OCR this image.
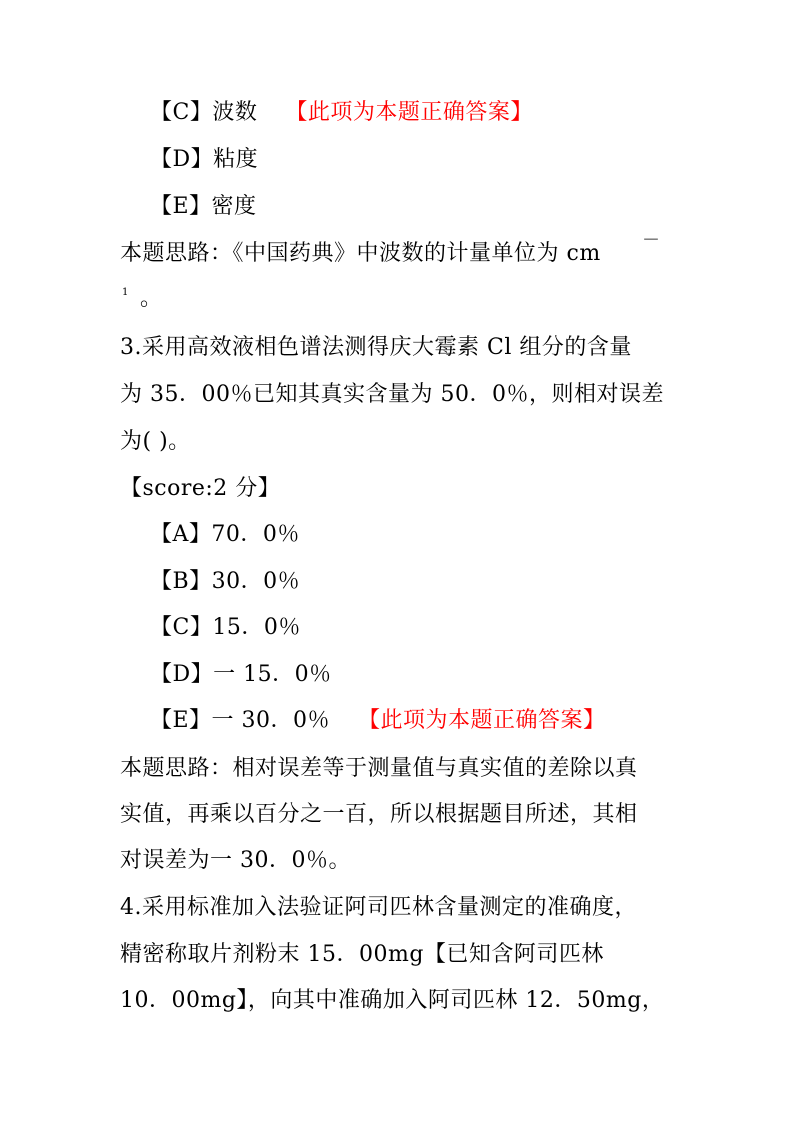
【C】波数 【此项为本题正确答案】
【D】粘度
【E】密度
本题思路：《中国药典》中波数的计量单位为 cm
－
1 。
3.采用高效液相色谱法测得庆大霉素 Cl 组分的含量
为 35．00％已知其真实含量为 50．0％，则相对误差
为( )。
【score:2 分】
【A】70．0％
【B】30．0％
【C】15．0％
【D】一 15．0％
【E】一 30．0％ 【此项为本题正确答案】
本题思路：相对误差等于测量值与真实值的差除以真
实值，再乘以百分之一百，所以根据题目所述，其相
对误差为一 30．0％。
4.采用标准加入法验证阿司匹林含量测定的准确度，
精密称取片剂粉末 15．00mg【已知含阿司匹林
10．00mg】，向其中准确加入阿司匹林 12．50mg，
